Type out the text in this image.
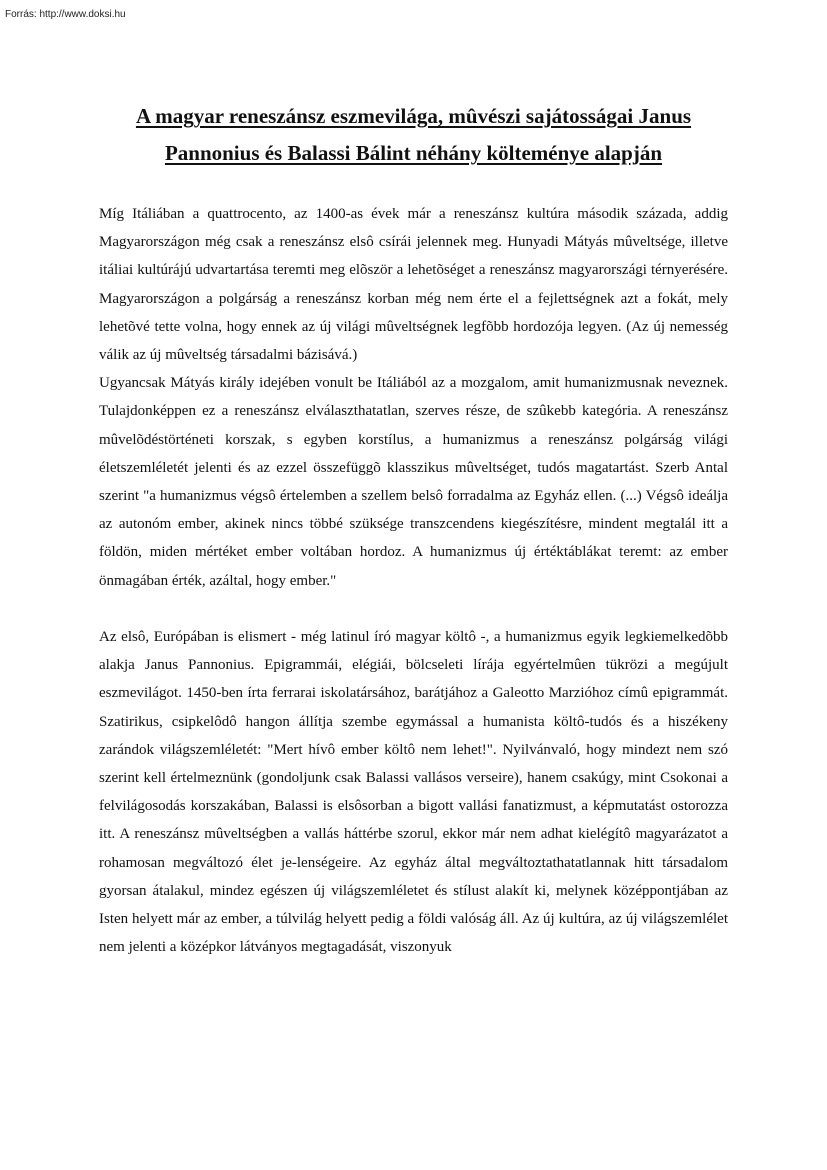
Forrás: http://www.doksi.hu
A magyar reneszánsz eszmevilága, mûvészi sajátosságai Janus Pannonius és Balassi Bálint néhány költeménye alapján

Míg Itáliában a quattrocento, az 1400-as évek már a reneszánsz kultúra második százada, addig Magyarországon még csak a reneszánsz elsô csírái jelennek meg. Hunyadi Mátyás mûveltsége, illetve itáliai kultúrájú udvartartása teremti meg elõször a lehetõséget a reneszánsz magyarországi térnyerésére. Magyarországon a polgárság a reneszánsz korban még nem érte el a fejlettségnek azt a fokát, mely lehetõvé tette volna, hogy ennek az új világi mûveltségnek legfõbb hordozója legyen. (Az új nemesség válik az új mûveltség társadalmi bázisává.)

Ugyancsak Mátyás király idejében vonult be Itáliából az a mozgalom, amit humanizmusnak neveznek. Tulajdonképpen ez a reneszánsz elválaszthatatlan, szerves része, de szûkebb kategória. A reneszánsz mûvelõdéstörténeti korszak, s egyben korstílus, a humanizmus a reneszánsz polgárság világi életszemléletét jelenti és az ezzel összefüggõ klasszikus mûveltséget, tudós magatartást. Szerb Antal szerint "a humanizmus végsô értelemben a szellem belsô forradalma az Egyház ellen. (...) Végsô ideálja az autonóm ember, akinek nincs többé szüksége transzcendens kiegészítésre, mindent megtalál itt a földön, miden mértéket ember voltában hordoz. A humanizmus új értéktáblákat teremt: az ember önmagában érték, azáltal, hogy ember."

Az elsô, Európában is elismert - még latinul író magyar költô -, a humanizmus egyik legkiemelkedõbb alakja Janus Pannonius. Epigrammái, elégiái, bölcseleti lírája egyértelmûen tükrözi a megújult eszmevilágot. 1450-ben írta ferrarai iskolatársához, barátjához a Galeotto Marzióhoz címû epigrammát. Szatirikus, csipkelôdô hangon állítja szembe egymással a humanista költô-tudós és a hiszékeny zarándok világszemléletét: "Mert hívô ember költô nem lehet!". Nyilvánvaló, hogy mindezt nem szó szerint kell értelmeznünk (gondoljunk csak Balassi vallásos verseire), hanem csakúgy, mint Csokonai a felvilágosodás korszakában, Balassi is elsôsorban a bigott vallási fanatizmust, a képmutatást ostorozza itt. A reneszánsz mûveltségben a vallás háttérbe szorul, ekkor már nem adhat kielégítô magyarázatot a rohamosan megváltozó élet je-lenségeire. Az egyház által megváltoztathatatlannak hitt társadalom gyorsan átalakul, mindez egészen új világszemléletet és stílust alakít ki, melynek középpontjában az Isten helyett már az ember, a túlvilág helyett pedig a földi valóság áll. Az új kultúra, az új világszemlélet nem jelenti a középkor látványos megtagadását, viszonyuk
